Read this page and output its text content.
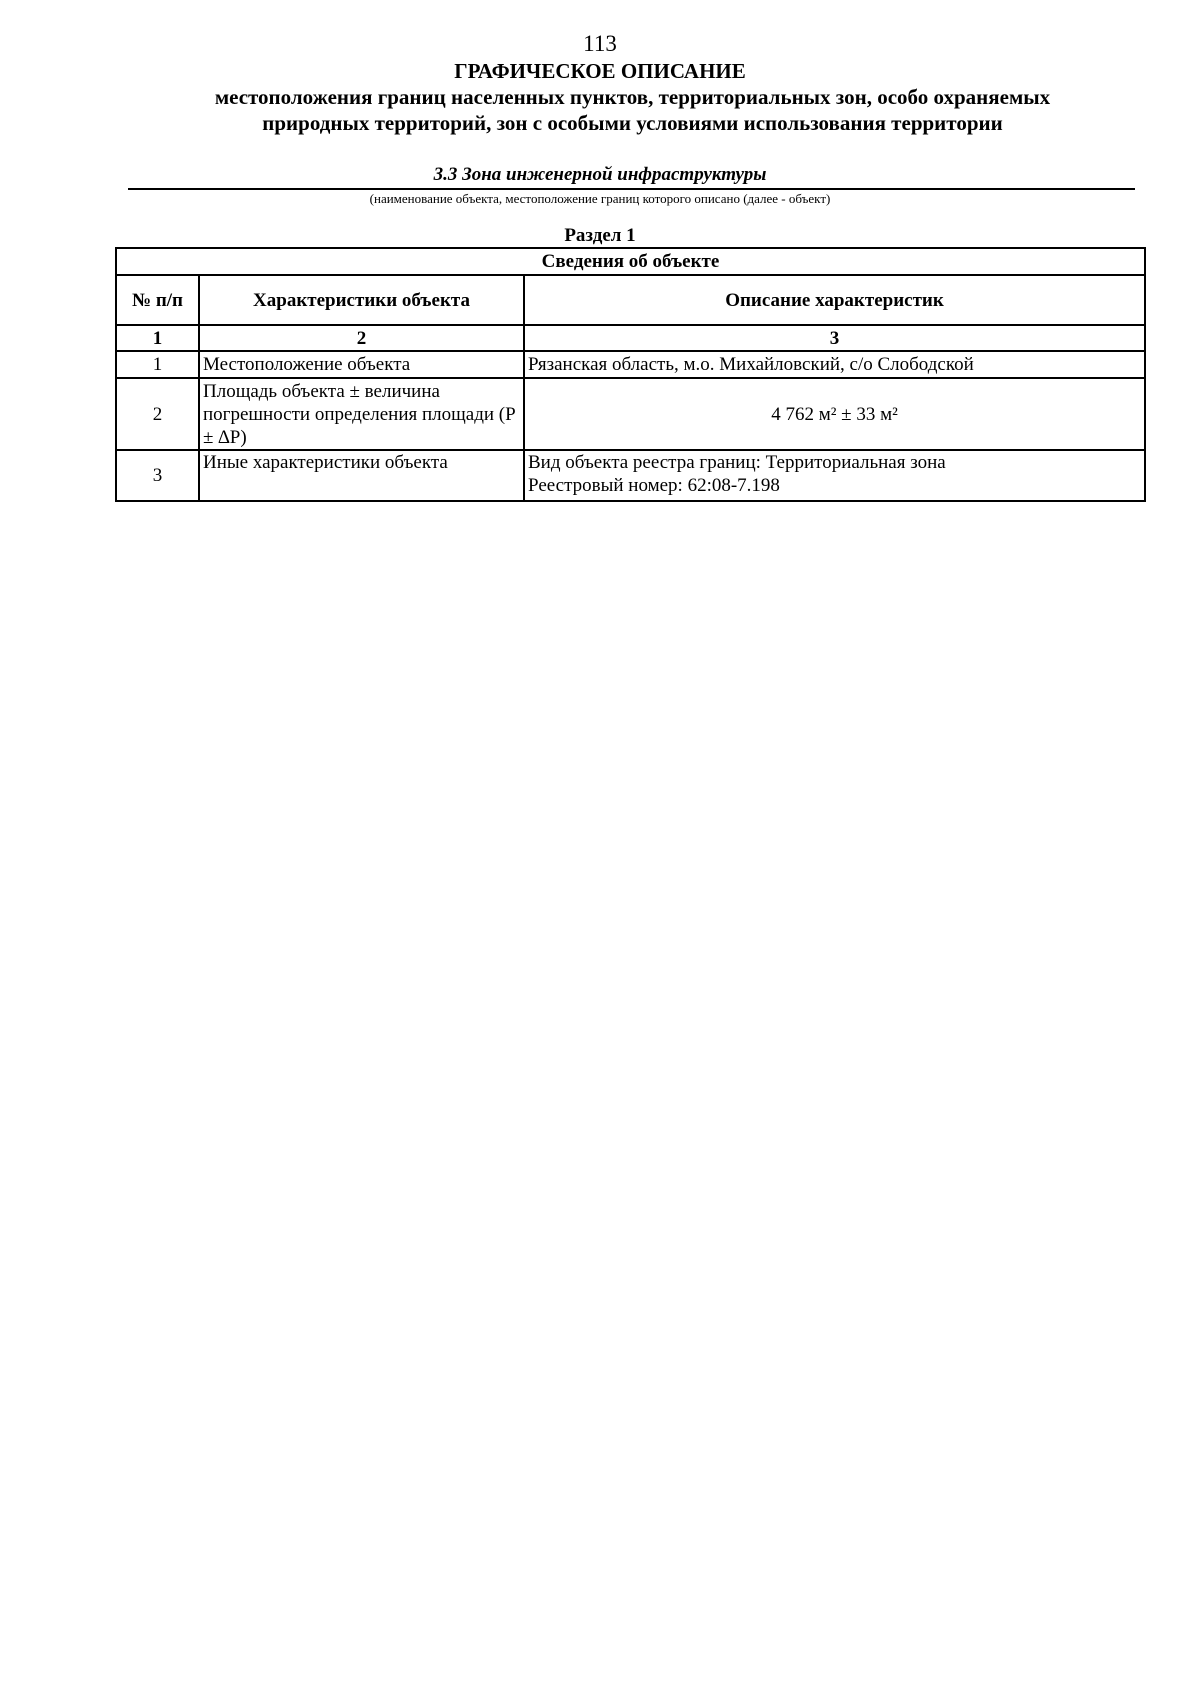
113
ГРАФИЧЕСКОЕ ОПИСАНИЕ
местоположения границ населенных пунктов, территориальных зон, особо охраняемых природных территорий, зон с особыми условиями использования территории
3.3 Зона инженерной инфраструктуры
(наименование объекта, местоположение границ которого описано (далее - объект)
Раздел 1
Сведения об объекте		
№ п/п	Характеристики объекта	Описание характеристик
1	2	3
1	Местоположение объекта	Рязанская область, м.о. Михайловский, с/о Слободской
2	Площадь объекта ± величина погрешности определения площади (P ± ∆P)	4 762 м² ± 33 м²
3	Иные характеристики объекта	Вид объекта реестра границ: Территориальная зона
Реестровый номер: 62:08-7.198
